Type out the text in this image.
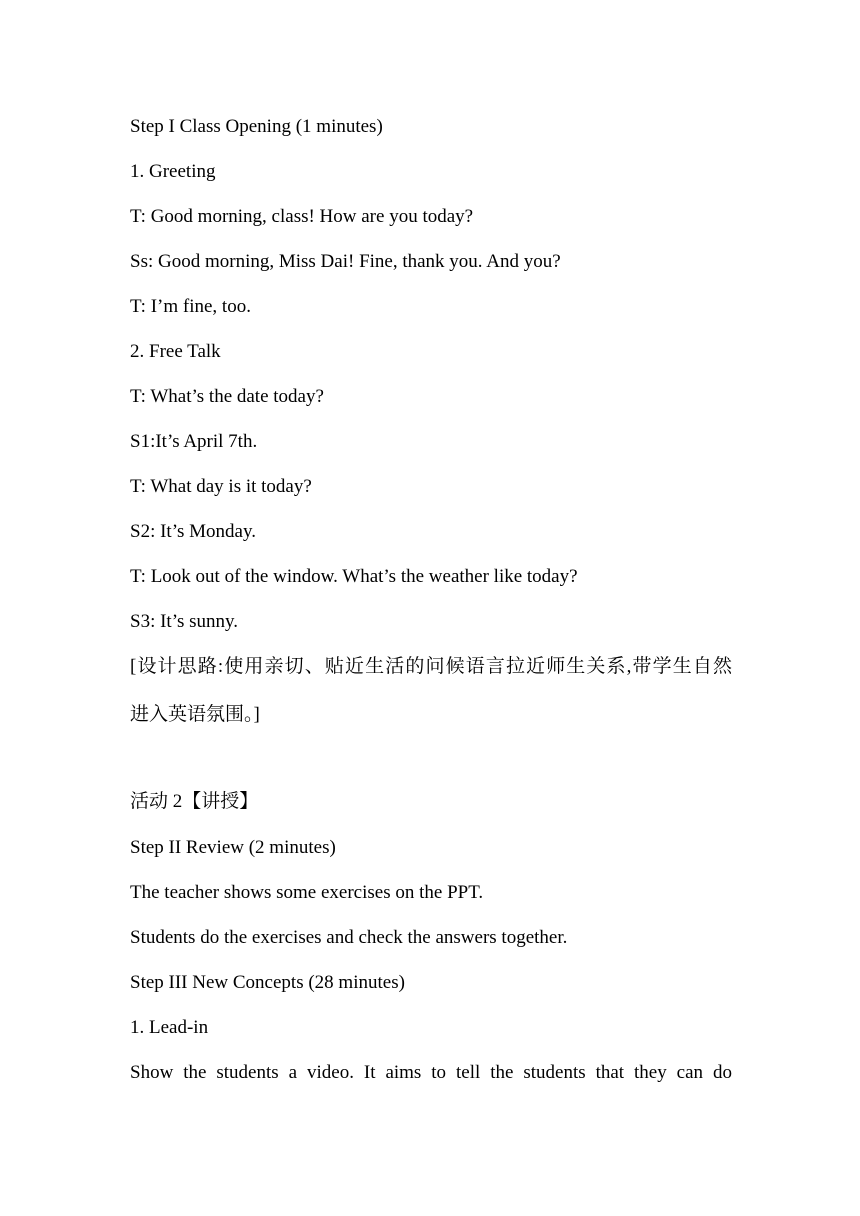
Step I Class Opening (1 minutes)
1. Greeting
T: Good morning, class! How are you today?
Ss: Good morning, Miss Dai! Fine, thank you. And you?
T: I’m fine, too.
2. Free Talk
T: What’s the date today?
S1:It’s April 7th.
T: What day is it today?
S2: It’s Monday.
T: Look out of the window. What’s the weather like today?
S3: It’s sunny.
[设计思路:使用亲切、贴近生活的问候语言拉近师生关系,带学生自然
进入英语氛围。]
活动 2【讲授】
Step II Review (2 minutes)
The teacher shows some exercises on the PPT.
Students do the exercises and check the answers together.
Step III New Concepts (28 minutes)
1. Lead-in
Show the students a video. It aims to tell the students that they can do
